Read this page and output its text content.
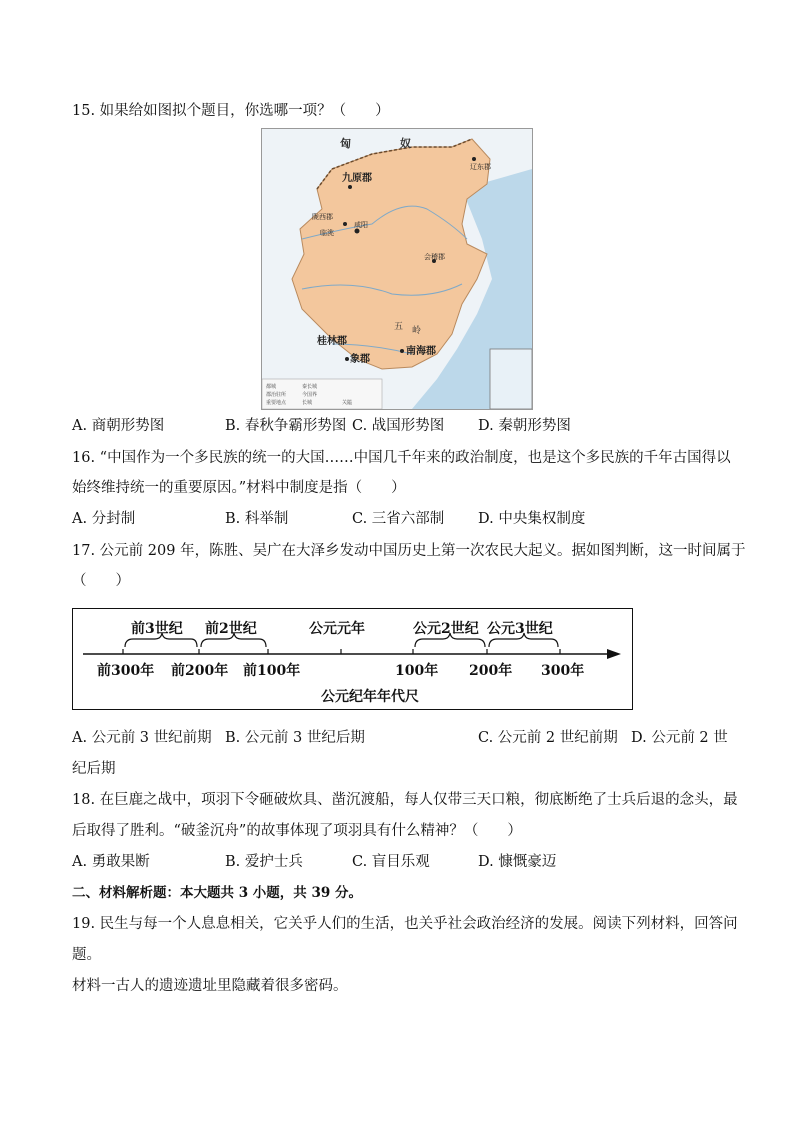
15. 如果给如图拟个题目，你选哪一项？（　　）
匈	奴
九原郡
辽东郡
陇西郡
咸阳
临洮
会稽郡
桂林郡
象郡
南海郡
五 岭
都城
郡治驻所
重要地点
秦长城
今国界
长城	关隘
A. 商朝形势图	B. 春秋争霸形势图 C. 战国形势图 D. 秦朝形势图
16. “中国作为一个多民族的统一的大国……中国几千年来的政治制度，也是这个多民族的千年古国得以
始终维持统一的重要原因。”材料中制度是指（　　）
A. 分封制	B. 科举制	C. 三省六部制 D. 中央集权制度
17. 公元前 209 年，陈胜、吴广在大泽乡发动中国历史上第一次农民大起义。据如图判断，这一时间属于
（　　）
前3世纪 前2世纪	公元元年	公元2世纪 公元3世纪
前300年 前200年 前100年	100年 200年 300年
公元纪年年代尺
A. 公元前 3 世纪前期 B. 公元前 3 世纪后期	C. 公元前 2 世纪前期 D. 公元前 2 世
纪后期
18. 在巨鹿之战中，项羽下令砸破炊具、凿沉渡船，每人仅带三天口粮，彻底断绝了士兵后退的念头，最
后取得了胜利。“破釜沉舟”的故事体现了项羽具有什么精神？（　　）
A. 勇敢果断	B. 爱护士兵	C. 盲目乐观	D. 慷慨豪迈
二、材料解析题：本大题共 3 小题，共 39 分。
19. 民生与每一个人息息相关，它关乎人们的生活，也关乎社会政治经济的发展。阅读下列材料，回答问
题。
材料一古人的遗迹遗址里隐藏着很多密码。
